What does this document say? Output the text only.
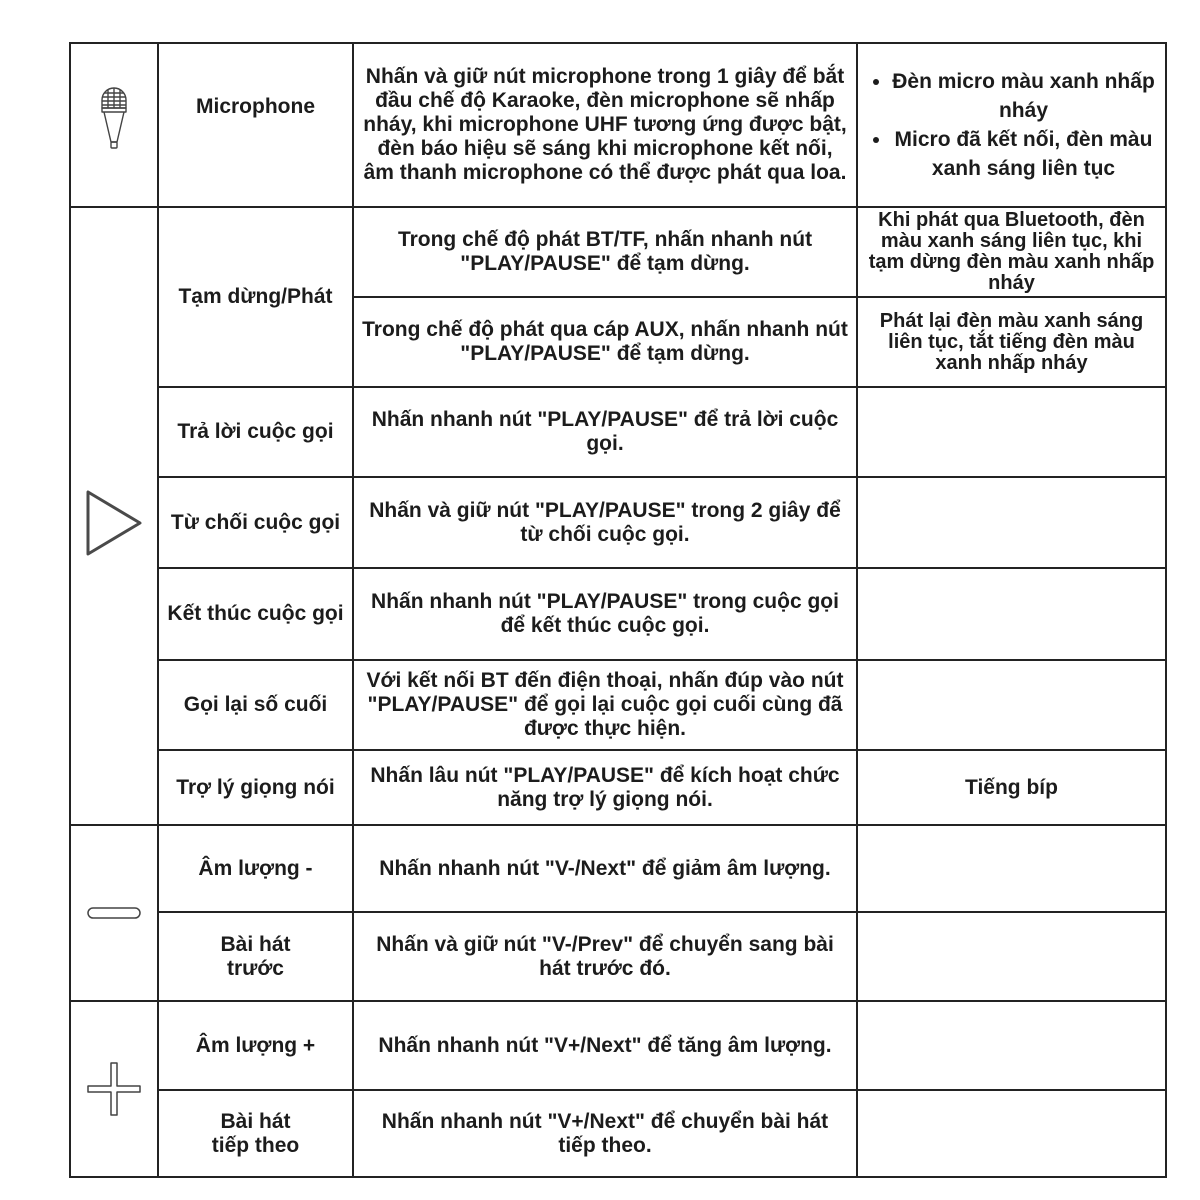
Microphone
Nhấn và giữ nút microphone trong 1 giây để bắt đầu chế độ Karaoke, đèn microphone sẽ nhấp nháy, khi microphone UHF tương ứng được bật, đèn báo hiệu sẽ sáng khi microphone kết nối, âm thanh microphone có thể được phát qua loa.
• Đèn micro màu xanh nhấp nháy
• Micro đã kết nối, đèn màu xanh sáng liên tục
Tạm dừng/Phát
Trong chế độ phát BT/TF, nhấn nhanh nút "PLAY/PAUSE" để tạm dừng.
Khi phát qua Bluetooth, đèn màu xanh sáng liên tục, khi tạm dừng đèn màu xanh nhấp nháy
Trong chế độ phát qua cáp AUX, nhấn nhanh nút "PLAY/PAUSE" để tạm dừng.
Phát lại đèn màu xanh sáng liên tục, tắt tiếng đèn màu xanh nhấp nháy
Trả lời cuộc gọi
Nhấn nhanh nút "PLAY/PAUSE" để trả lời cuộc gọi.
Từ chối cuộc gọi
Nhấn và giữ nút "PLAY/PAUSE" trong 2 giây để từ chối cuộc gọi.
Kết thúc cuộc gọi
Nhấn nhanh nút "PLAY/PAUSE" trong cuộc gọi để kết thúc cuộc gọi.
Gọi lại số cuối
Với kết nối BT đến điện thoại, nhấn đúp vào nút "PLAY/PAUSE" để gọi lại cuộc gọi cuối cùng đã được thực hiện.
Trợ lý giọng nói
Nhấn lâu nút "PLAY/PAUSE" để kích hoạt chức năng trợ lý giọng nói.
Tiếng bíp
Âm lượng -	Nhấn nhanh nút "V-/Next" để giảm âm lượng.
Bài hát
trước
Nhấn và giữ nút "V-/Prev" để chuyển sang bài hát trước đó.
Âm lượng +	Nhấn nhanh nút "V+/Next" để tăng âm lượng.
Bài hát
tiếp theo
Nhấn nhanh nút "V+/Next" để chuyển bài hát tiếp theo.
